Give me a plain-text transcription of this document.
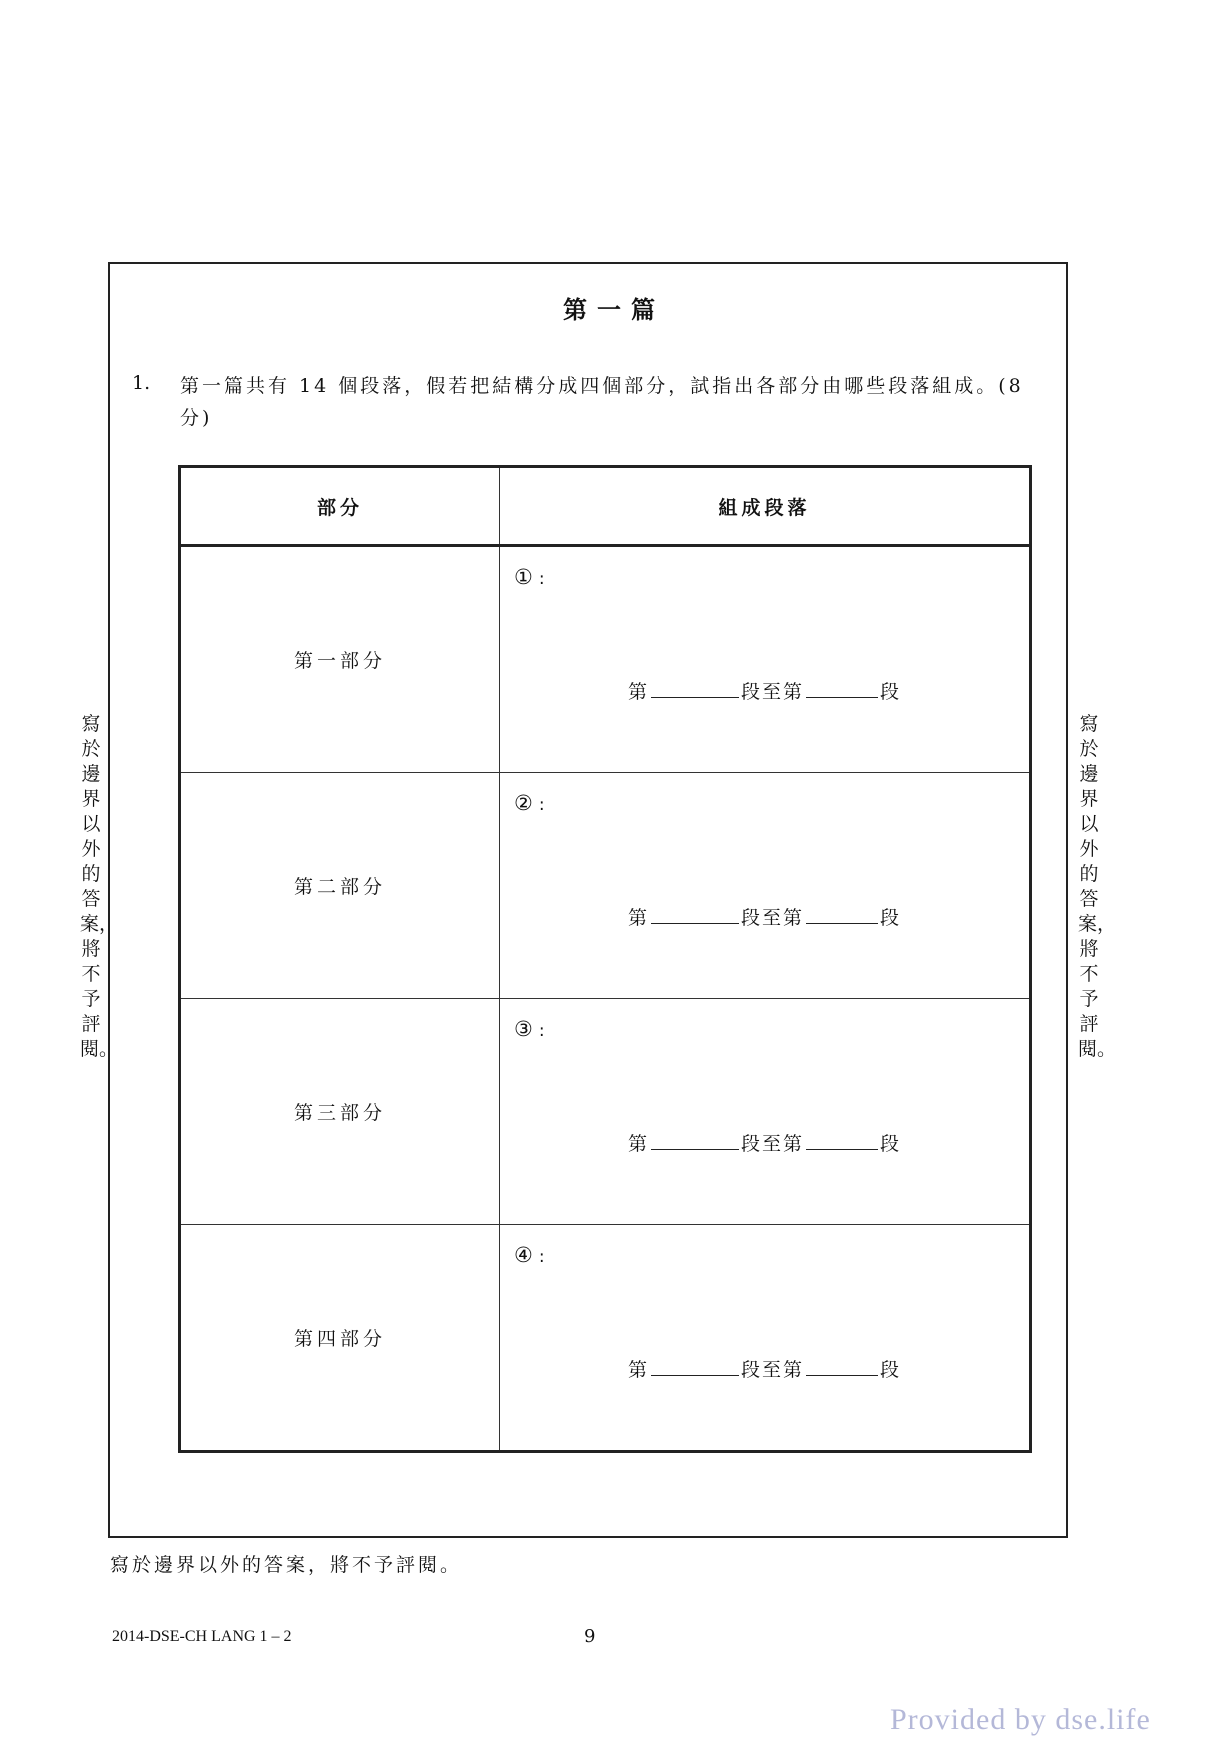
第一篇
1. 第一篇共有 14 個段落，假若把結構分成四個部分，試指出各部分由哪些段落組成。(8 分)
部分	組成段落
第一部分	① :
第 段至第 段

第二部分	② :
第 段至第 段

第三部分	③ :
第 段至第 段

第四部分	④ :
第 段至第 段
寫於邊界以外的答案，將不予評閱。
寫於邊界以外的答案，將不予評閱。
寫於邊界以外的答案，將不予評閱。
2014-DSE-CH LANG 1 – 2	9
Provided by dse.life
